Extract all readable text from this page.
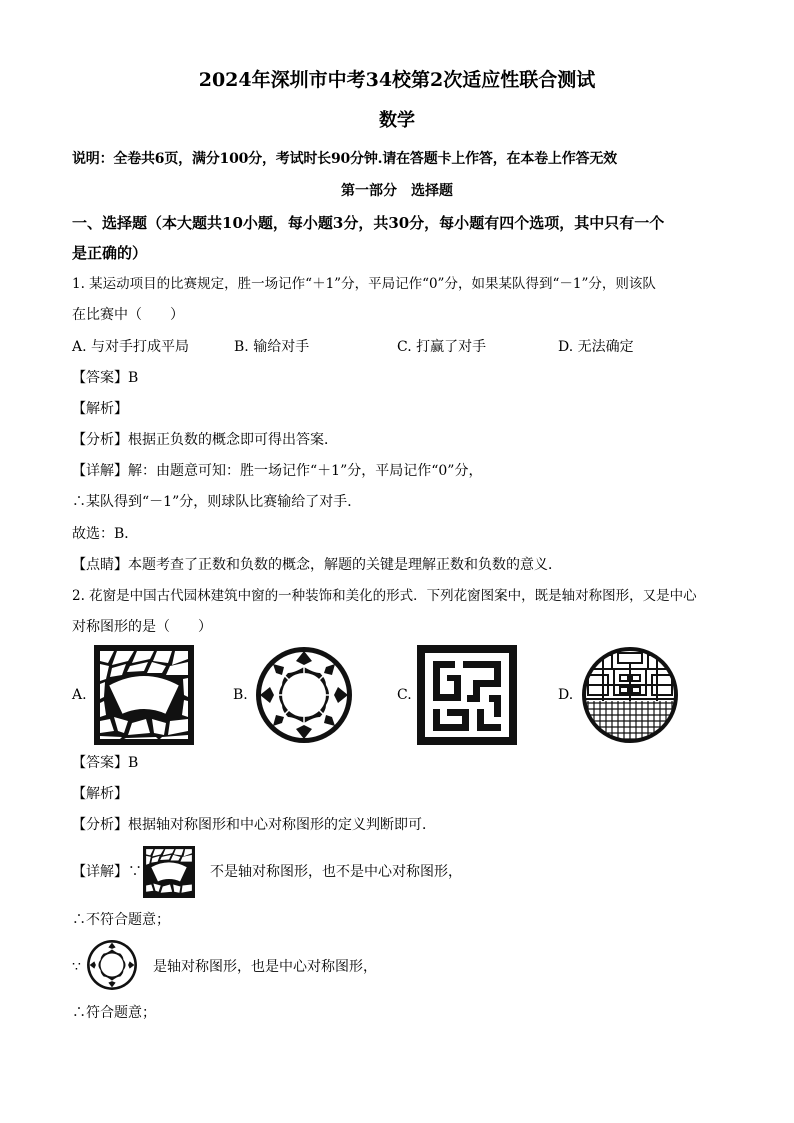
2024年深圳市中考34校第2次适应性联合测试
数学
说明：全卷共6页，满分100分，考试时长90分钟.请在答题卡上作答，在本卷上作答无效
第一部分　选择题
一、选择题（本大题共10小题，每小题3分，共30分，每小题有四个选项，其中只有一个
是正确的）
1. 某运动项目的比赛规定，胜一场记作“＋1”分，平局记作“0”分，如果某队得到“－1”分，则该队
在比赛中（　　）
A. 与对手打成平局	B. 输给对手	C. 打赢了对手	D. 无法确定
【答案】B
【解析】
【分析】根据正负数的概念即可得出答案．
【详解】解：由题意可知：胜一场记作“＋1”分，平局记作“0”分，
∴某队得到“－1”分，则球队比赛输给了对手．
故选：B．
【点睛】本题考查了正数和负数的概念，解题的关键是理解正数和负数的意义．
2. 花窗是中国古代园林建筑中窗的一种装饰和美化的形式．下列花窗图案中，既是轴对称图形，又是中心
对称图形的是（　　）
A.	B.	C.	D.
【答案】B
【解析】
【分析】根据轴对称图形和中心对称图形的定义判断即可．
【详解】∵	不是轴对称图形，也不是中心对称图形，
∴不符合题意；
∵	是轴对称图形，也是中心对称图形，
∴符合题意；
